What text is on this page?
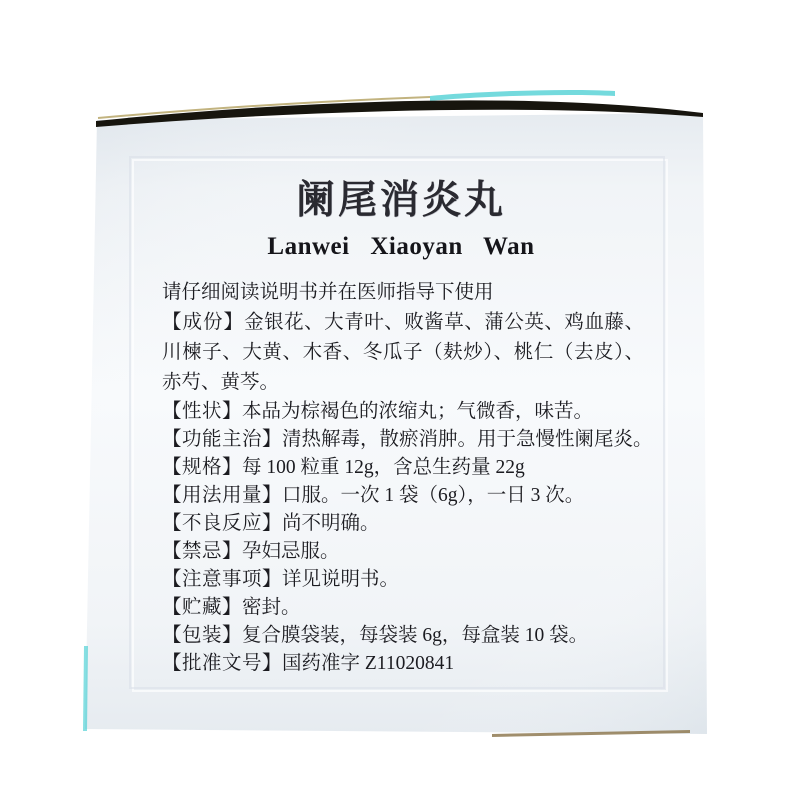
阑尾消炎丸
Lanwei Xiaoyan Wan

请仔细阅读说明书并在医师指导下使用

【成份】金银花、大青叶、败酱草、蒲公英、鸡血藤、川楝子、大黄、木香、冬瓜子（麸炒）、桃仁（去皮）、 赤芍、黄芩。

【性状】本品为棕褐色的浓缩丸；气微香，味苦。

【功能主治】清热解毒，散瘀消肿。用于急慢性阑尾炎。

【规格】每 100 粒重 12g，含总生药量 22g

【用法用量】口服。一次 1 袋（6g），一日 3 次。

【不良反应】尚不明确。

【禁忌】孕妇忌服。

【注意事项】详见说明书。

【贮藏】密封。

【包装】复合膜袋装，每袋装 6g，每盒装 10 袋。

【批准文号】国药准字 Z11020841
